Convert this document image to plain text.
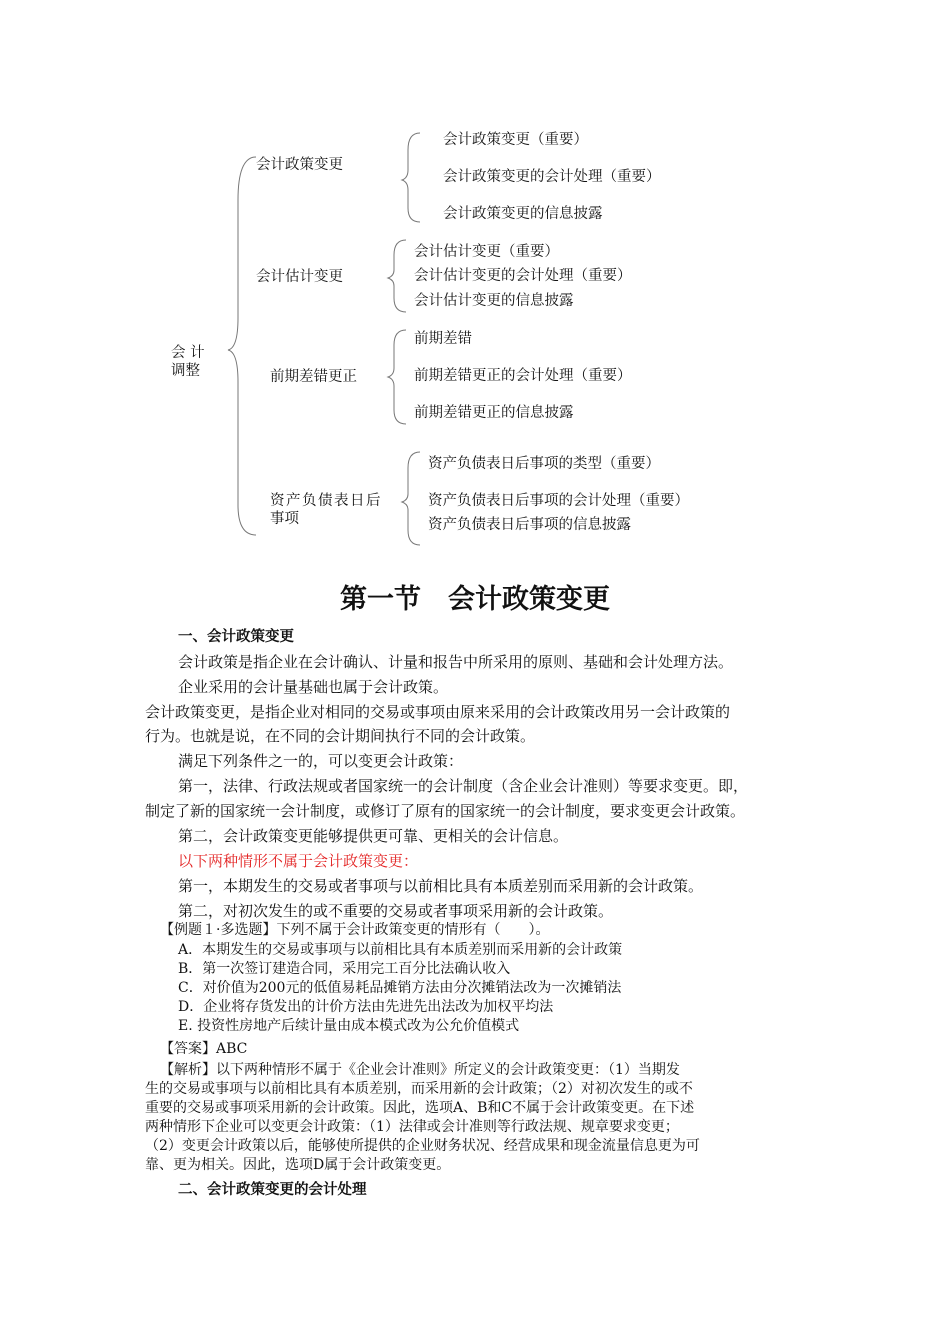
会 计
调整
会计政策变更
会计政策变更（重要）
会计政策变更的会计处理（重要）
会计政策变更的信息披露
会计估计变更
会计估计变更（重要）
会计估计变更的会计处理（重要）
会计估计变更的信息披露
前期差错更正
前期差错
前期差错更正的会计处理（重要）
前期差错更正的信息披露
资产负债表日后
事项
资产负债表日后事项的类型（重要）
资产负债表日后事项的会计处理（重要）
资产负债表日后事项的信息披露
第一节　会计政策变更
一、会计政策变更
会计政策是指企业在会计确认、计量和报告中所采用的原则、基础和会计处理方法。
企业采用的会计量基础也属于会计政策。
会计政策变更，是指企业对相同的交易或事项由原来采用的会计政策改用另一会计政策的
行为。也就是说，在不同的会计期间执行不同的会计政策。
满足下列条件之一的，可以变更会计政策：
第一，法律、行政法规或者国家统一的会计制度（含企业会计准则）等要求变更。即，
制定了新的国家统一会计制度，或修订了原有的国家统一的会计制度，要求变更会计政策。
第二，会计政策变更能够提供更可靠、更相关的会计信息。
以下两种情形不属于会计政策变更：
第一，本期发生的交易或者事项与以前相比具有本质差别而采用新的会计政策。
第二，对初次发生的或不重要的交易或者事项采用新的会计政策。
【例题１·多选题】下列不属于会计政策变更的情形有（　　）。
A．本期发生的交易或事项与以前相比具有本质差别而采用新的会计政策
B．第一次签订建造合同，采用完工百分比法确认收入
C．对价值为200元的低值易耗品摊销方法由分次摊销法改为一次摊销法
D．企业将存货发出的计价方法由先进先出法改为加权平均法
E. 投资性房地产后续计量由成本模式改为公允价值模式
【答案】ABC
【解析】以下两种情形不属于《企业会计准则》所定义的会计政策变更：（1）当期发
生的交易或事项与以前相比具有本质差别，而采用新的会计政策；（2）对初次发生的或不
重要的交易或事项采用新的会计政策。因此，选项A、B和C不属于会计政策变更。在下述
两种情形下企业可以变更会计政策：（1）法律或会计准则等行政法规、规章要求变更；
（2）变更会计政策以后，能够使所提供的企业财务状况、经营成果和现金流量信息更为可
靠、更为相关。因此，选项D属于会计政策变更。
二、会计政策变更的会计处理
